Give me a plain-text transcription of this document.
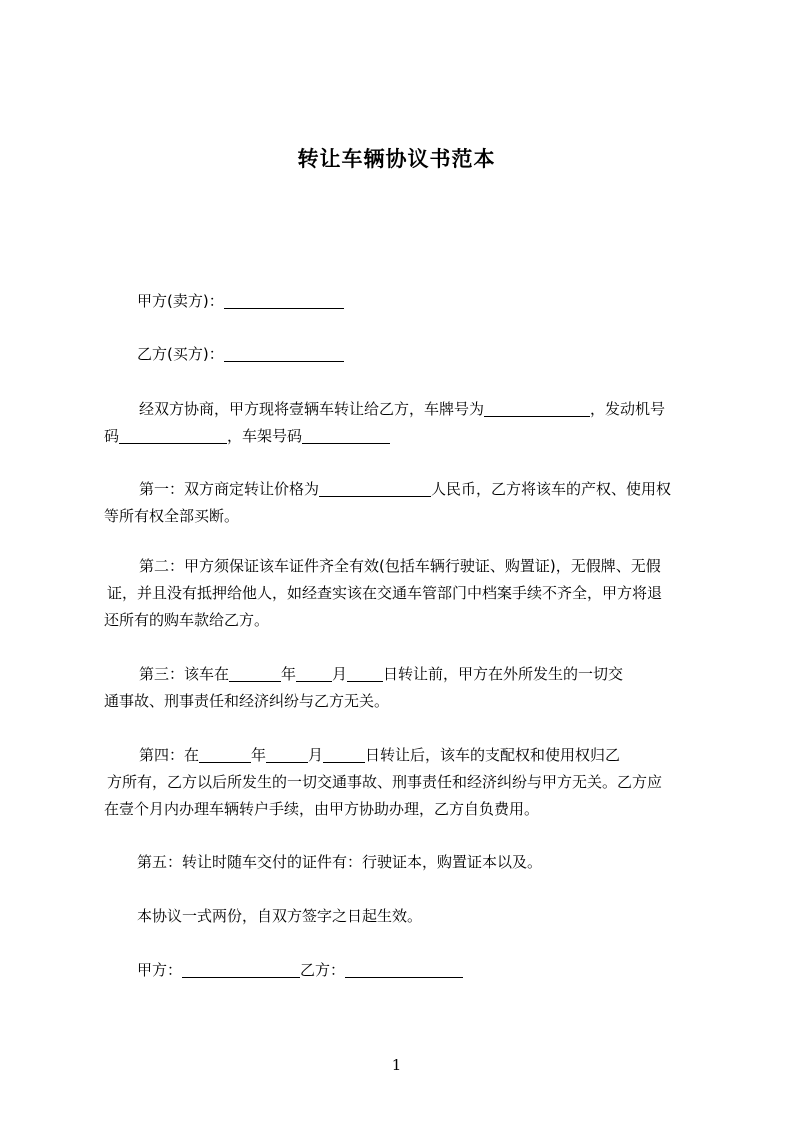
转让车辆协议书范本
甲方(卖方)：
乙方(买方)：
经双方协商，甲方现将壹辆车转让给乙方，车牌号为	，发动机号
码	，车架号码
第一：双方商定转让价格为	人民币，乙方将该车的产权、使用权
等所有权全部买断。
第二：甲方须保证该车证件齐全有效(包括车辆行驶证、购置证)，无假牌、无假
证，并且没有抵押给他人，如经查实该在交通车管部门中档案手续不齐全，甲方将退
还所有的购车款给乙方。
第三：该车在	年 月 日转让前，甲方在外所发生的一切交
通事故、刑事责任和经济纠纷与乙方无关。
第四：在	年	月	日转让后，该车的支配权和使用权归乙
方所有，乙方以后所发生的一切交通事故、刑事责任和经济纠纷与甲方无关。乙方应
在壹个月内办理车辆转户手续，由甲方协助办理，乙方自负费用。
第五：转让时随车交付的证件有：行驶证本，购置证本以及。
本协议一式两份，自双方签字之日起生效。
甲方：	乙方：
1
